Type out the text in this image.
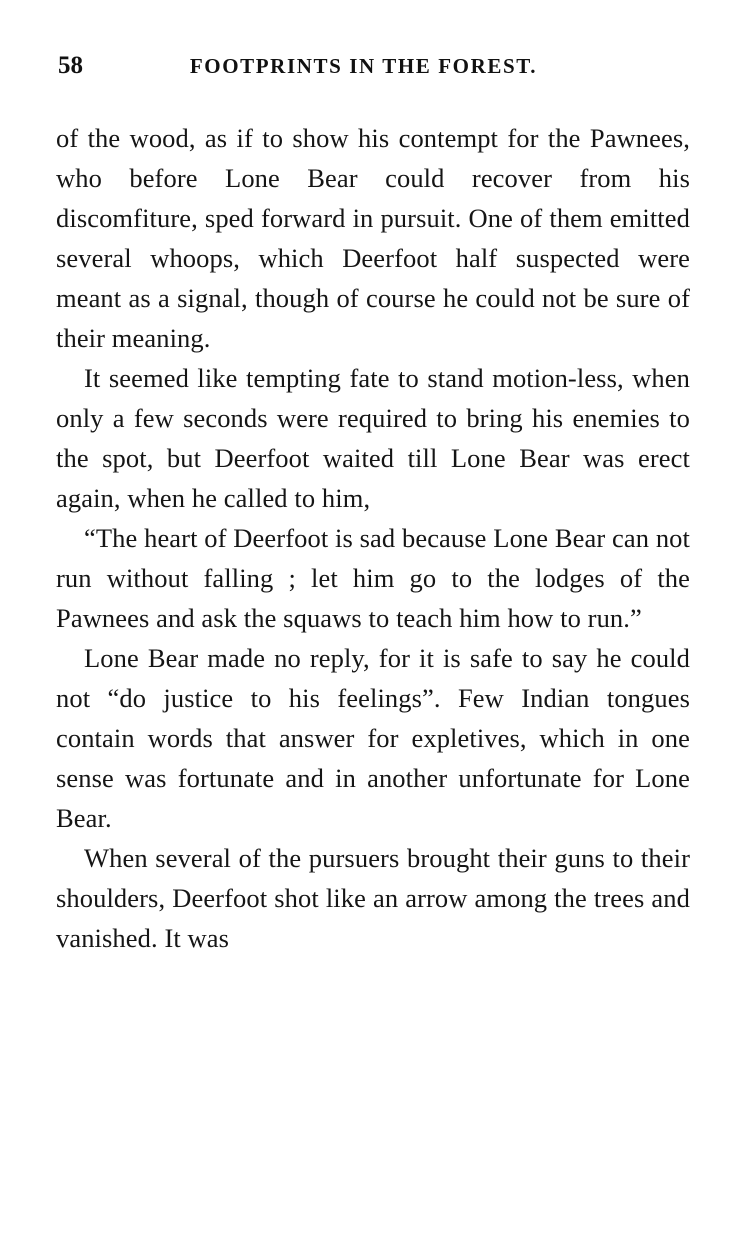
58	FOOTPRINTS IN THE FOREST.

of the wood, as if to show his contempt for the Pawnees, who before Lone Bear could recover from his discomfiture, sped forward in pursuit. One of them emitted several whoops, which Deerfoot half suspected were meant as a signal, though of course he could not be sure of their meaning.

It seemed like tempting fate to stand motion-less, when only a few seconds were required to bring his enemies to the spot, but Deerfoot waited till Lone Bear was erect again, when he called to him,

“The heart of Deerfoot is sad because Lone Bear can not run without falling ; let him go to the lodges of the Pawnees and ask the squaws to teach him how to run.”

Lone Bear made no reply, for it is safe to say he could not “do justice to his feelings”. Few Indian tongues contain words that answer for expletives, which in one sense was fortunate and in another unfortunate for Lone Bear.

When several of the pursuers brought their guns to their shoulders, Deerfoot shot like an arrow among the trees and vanished. It was
